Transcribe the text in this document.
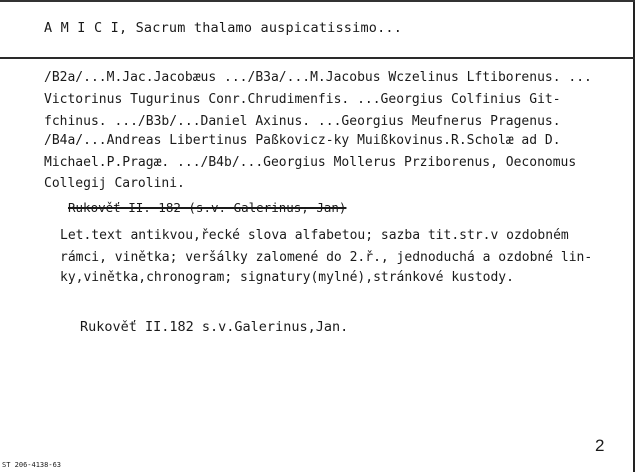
A M I C I, Sacrum thalamo auspicatissimo...
/B2a/...M.Jac.Jacobæus .../B3a/...M.Jacobus Wczelinus Lftiborenus. ...
Victorinus Tugurinus Conr.Chrudimenfis. ...Georgius Colfinius Git-
fchinus. .../B3b/...Daniel Axinus. ...Georgius Meufnerus Pragenus.
/B4a/...Andreas Libertinus Paßkovicz-ky Muißkovinus.R.Scholæ ad D.
Michael.P.Pragæ. .../B4b/...Georgius Mollerus Prziborenus, Oeconomus
Collegij Carolini.
Rukověť II. 182 (s.v. Galerinus, Jan)
Let.text antikvou,řecké slova alfabetou; sazba tit.str.v ozdobném
rámci, vinětka; veršálky zalomené do 2.ř., jednoduchá a ozdobné lin-
ky,vinětka,chronogram; signatury(mylné),stránkové kustody.
Rukověť II.182 s.v.Galerinus,Jan.
2
ST 206-4138-63
